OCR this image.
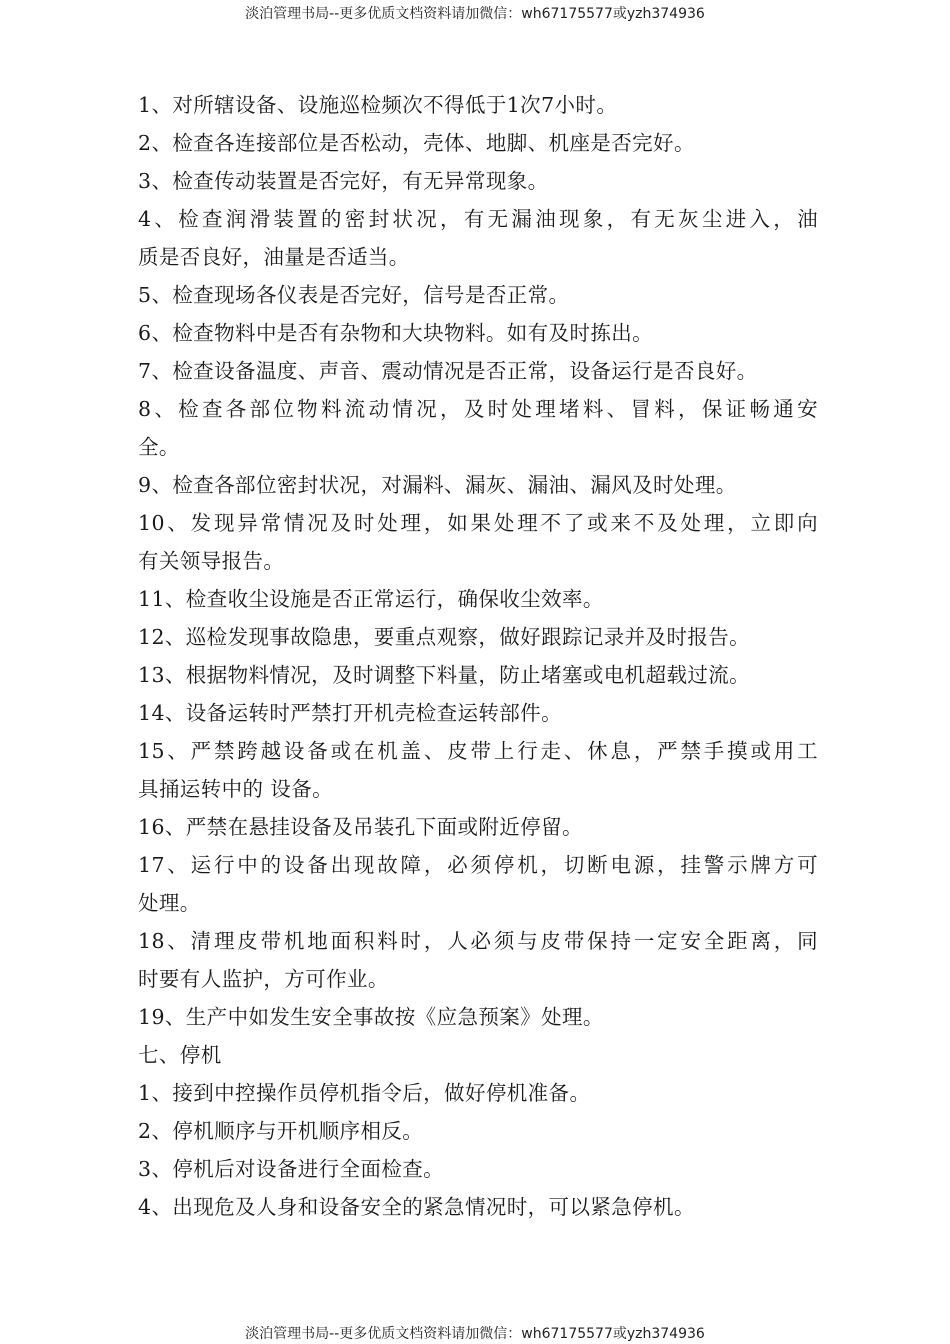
淡泊管理书局--更多优质文档资料请加微信：wh67175577或yzh374936
1、对所辖设备、设施巡检频次不得低于1次7小时。
2、检查各连接部位是否松动，壳体、地脚、机座是否完好。
3、检查传动装置是否完好，有无异常现象。
4、检查润滑装置的密封状况，有无漏油现象，有无灰尘进入，油
质是否良好，油量是否适当。
5、检查现场各仪表是否完好，信号是否正常。
6、检查物料中是否有杂物和大块物料。如有及时拣出。
7、检查设备温度、声音、震动情况是否正常，设备运行是否良好。
8、检查各部位物料流动情况，及时处理堵料、冒料，保证畅通安
全。
9、检查各部位密封状况，对漏料、漏灰、漏油、漏风及时处理。
10、发现异常情况及时处理，如果处理不了或来不及处理，立即向
有关领导报告。
11、检查收尘设施是否正常运行，确保收尘效率。
12、巡检发现事故隐患，要重点观察，做好跟踪记录并及时报告。
13、根据物料情况，及时调整下料量，防止堵塞或电机超载过流。
14、设备运转时严禁打开机壳检查运转部件。
15、严禁跨越设备或在机盖、皮带上行走、休息，严禁手摸或用工
具捅运转中的 设备。
16、严禁在悬挂设备及吊装孔下面或附近停留。
17、运行中的设备出现故障，必须停机，切断电源，挂警示牌方可
处理。
18、清理皮带机地面积料时，人必须与皮带保持一定安全距离，同
时要有人监护，方可作业。
19、生产中如发生安全事故按《应急预案》处理。
七、停机
1、接到中控操作员停机指令后，做好停机准备。
2、停机顺序与开机顺序相反。
3、停机后对设备进行全面检查。
4、出现危及人身和设备安全的紧急情况时，可以紧急停机。
淡泊管理书局--更多优质文档资料请加微信：wh67175577或yzh374936
